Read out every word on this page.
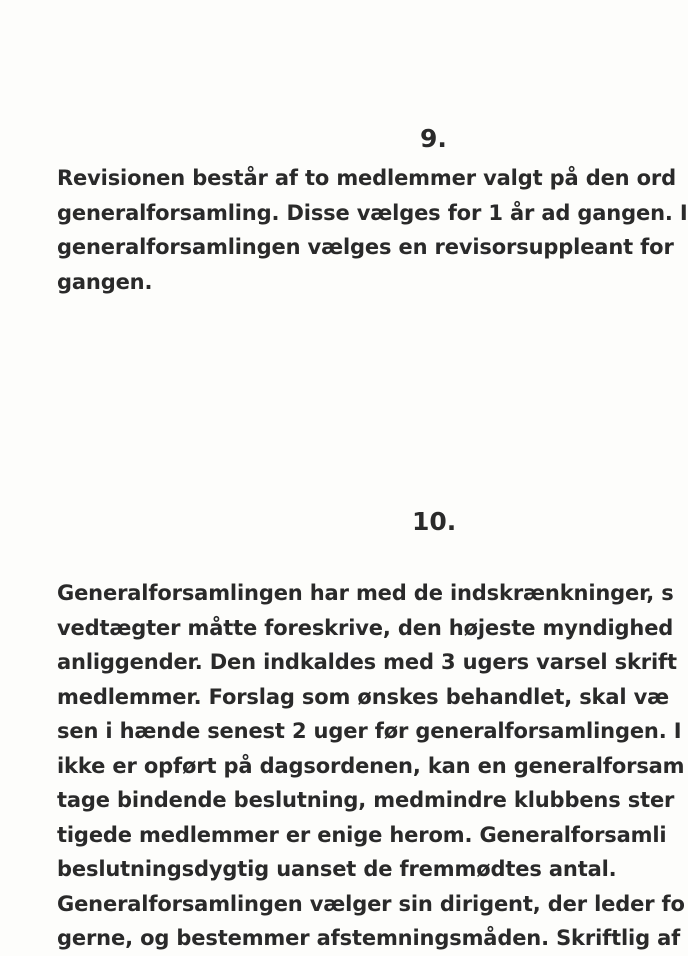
9.
Revisionen består af to medlemmer valgt på den ord
generalforsamling. Disse vælges for 1 år ad gangen. I
generalforsamlingen vælges en revisorsuppleant for
gangen.
10.
Generalforsamlingen har med de indskrænkninger, s
vedtægter måtte foreskrive, den højeste myndighed
anliggender. Den indkaldes med 3 ugers varsel skrift
medlemmer. Forslag som ønskes behandlet, skal væ
sen i hænde senest 2 uger før generalforsamlingen. I
ikke er opført på dagsordenen, kan en generalforsam
tage bindende beslutning, medmindre klubbens ster
tigede medlemmer er enige herom. Generalforsamli
beslutningsdygtig uanset de fremmødtes antal.
Generalforsamlingen vælger sin dirigent, der leder fo
gerne, og bestemmer afstemningsmåden. Skriftlig af
